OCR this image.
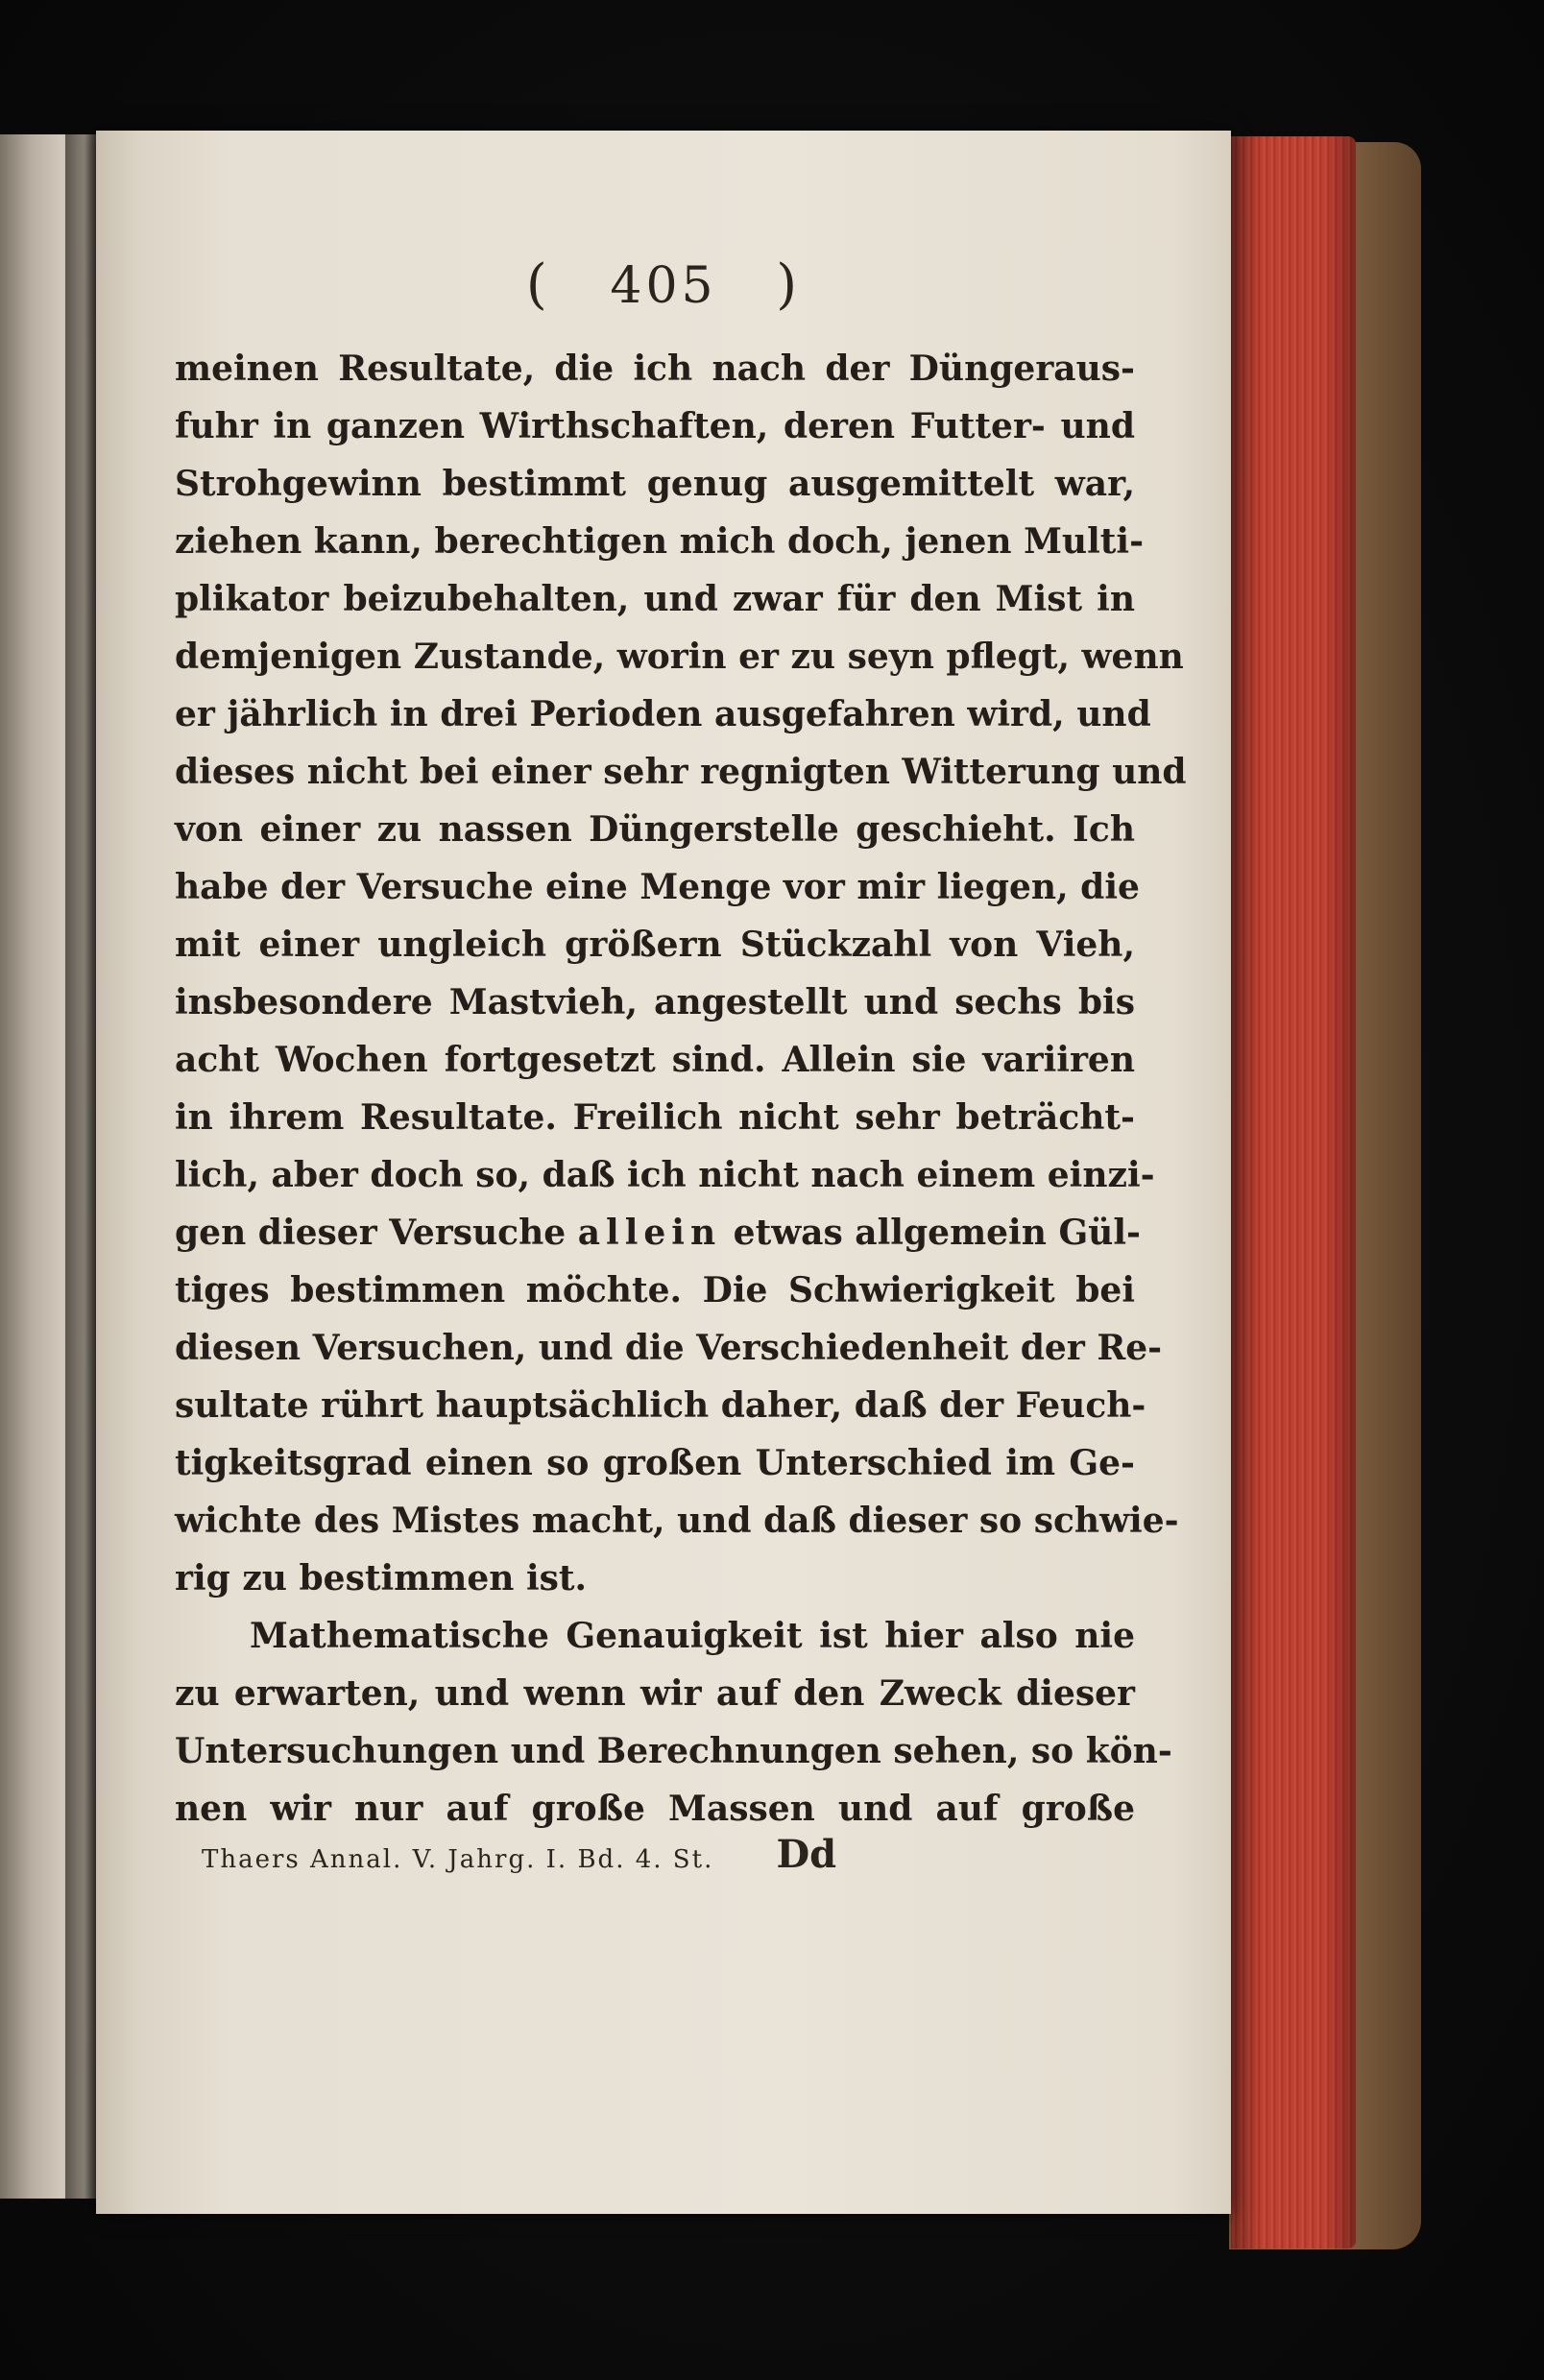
( 405 )
meinen Resultate, die ich nach der Düngeraus-
fuhr in ganzen Wirthschaften, deren Futter- und
Strohgewinn bestimmt genug ausgemittelt war,
ziehen kann, berechtigen mich doch, jenen Multi-
plikator beizubehalten, und zwar für den Mist in
demjenigen Zustande, worin er zu seyn pflegt, wenn
er jährlich in drei Perioden ausgefahren wird, und
dieses nicht bei einer sehr regnigten Witterung und
von einer zu nassen Düngerstelle geschieht. Ich
habe der Versuche eine Menge vor mir liegen, die
mit einer ungleich größern Stückzahl von Vieh,
insbesondere Mastvieh, angestellt und sechs bis
acht Wochen fortgesetzt sind. Allein sie variiren
in ihrem Resultate. Freilich nicht sehr beträcht-
lich, aber doch so, daß ich nicht nach einem einzi-
gen dieser Versuche allein etwas allgemein Gül-
tiges bestimmen möchte. Die Schwierigkeit bei
diesen Versuchen, und die Verschiedenheit der Re-
sultate rührt hauptsächlich daher, daß der Feuch-
tigkeitsgrad einen so großen Unterschied im Ge-
wichte des Mistes macht, und daß dieser so schwie-
rig zu bestimmen ist.
Mathematische Genauigkeit ist hier also nie
zu erwarten, und wenn wir auf den Zweck dieser
Untersuchungen und Berechnungen sehen, so kön-
nen wir nur auf große Massen und auf große
Thaers Annal. V. Jahrg. I. Bd. 4. St. Dd
